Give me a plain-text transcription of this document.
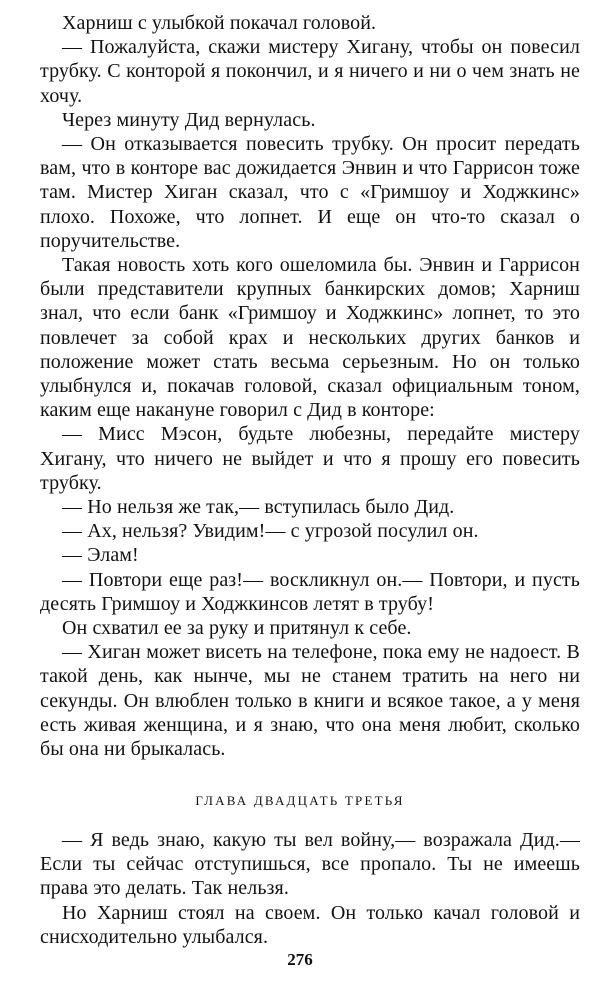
Харниш с улыбкой покачал головой.

— Пожалуйста, скажи мистеру Хигану, чтобы он повесил трубку. С конторой я покончил, и я ничего и ни о чем знать не хочу.

Через минуту Дид вернулась.

— Он отказывается повесить трубку. Он просит передать вам, что в конторе вас дожидается Энвин и что Гаррисон тоже там. Мистер Хиган сказал, что с «Гримшоу и Ходжкинс» плохо. Похоже, что лопнет. И еще он что-то сказал о поручительстве.

Такая новость хоть кого ошеломила бы. Энвин и Гаррисон были представители крупных банкирских домов; Харниш знал, что если банк «Гримшоу и Ходжкинс» лопнет, то это повлечет за собой крах и нескольких других банков и положение может стать весьма серьезным. Но он только улыбнулся и, покачав головой, сказал официальным тоном, каким еще накануне говорил с Дид в конторе:

— Мисс Мэсон, будьте любезны, передайте мистеру Хигану, что ничего не выйдет и что я прошу его повесить трубку.

— Но нельзя же так,— вступилась было Дид.

— Ах, нельзя? Увидим!— с угрозой посулил он.

— Элам!

— Повтори еще раз!— воскликнул он.— Повтори, и пусть десять Гримшоу и Ходжкинсов летят в трубу!

Он схватил ее за руку и притянул к себе.

— Хиган может висеть на телефоне, пока ему не надоест. В такой день, как нынче, мы не станем тратить на него ни секунды. Он влюблен только в книги и всякое такое, а у меня есть живая женщина, и я знаю, что она меня любит, сколько бы она ни брыкалась.

ГЛАВА ДВАДЦАТЬ ТРЕТЬЯ

— Я ведь знаю, какую ты вел войну,— возражала Дид.— Если ты сейчас отступишься, все пропало. Ты не имеешь права это делать. Так нельзя.

Но Харниш стоял на своем. Он только качал головой и снисходительно улыбался.

276
